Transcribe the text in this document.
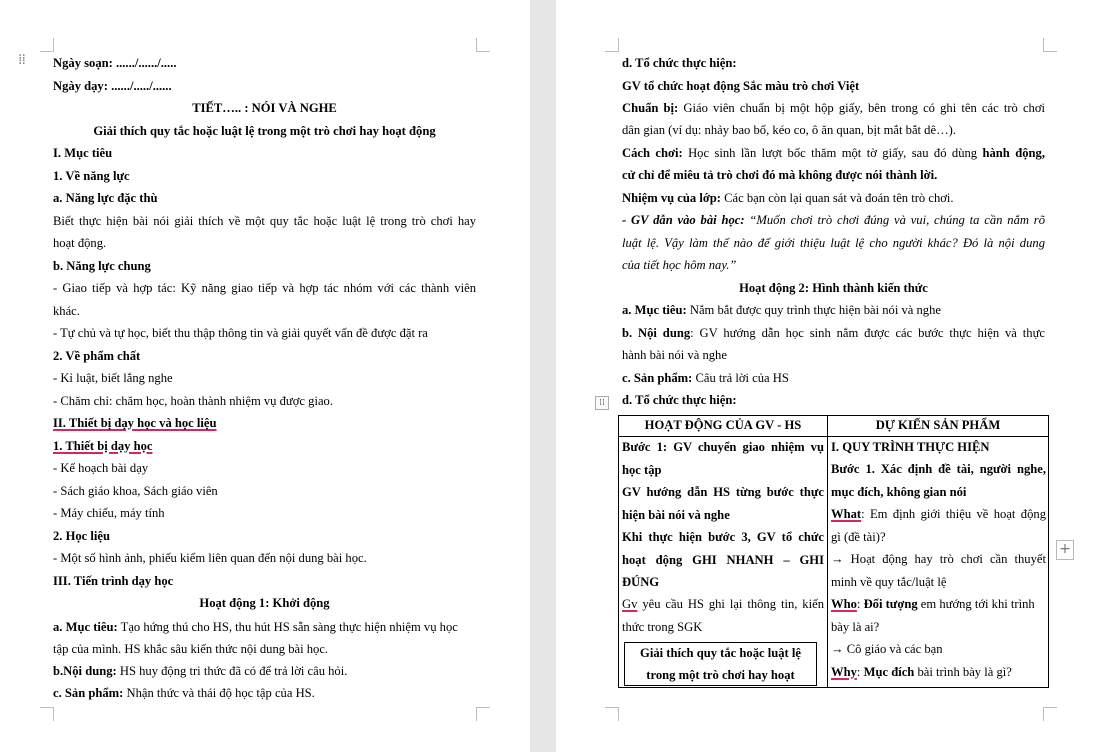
⁞⁞	Ngày soạn: ....../....../.....
Ngày dạy: ....../...../......
TIẾT….. : NÓI VÀ NGHE
Giải thích quy tắc hoặc luật lệ trong một trò chơi hay hoạt động
I. Mục tiêu
1. Về năng lực
a. Năng lực đặc thù
Biết thực hiện bài nói giải thích về một quy tắc hoặc luật lệ trong trò chơi hay
hoạt động.
b. Năng lực chung
- Giao tiếp và hợp tác: Kỹ năng giao tiếp và hợp tác nhóm với các thành viên
khác.
- Tự chủ và tự học, biết thu thập thông tin và giải quyết vấn đề được đặt ra
2. Về phẩm chất
- Kỉ luật, biết lắng nghe
- Chăm chỉ: chăm học, hoàn thành nhiệm vụ được giao.
II. Thiết bị dạy học và học liệu
1. Thiết bị dạy học
- Kế hoạch bài dạy
- Sách giáo khoa, Sách giáo viên
- Máy chiếu, máy tính
2. Học liệu
- Một số hình ảnh, phiếu kiểm liên quan đến nội dung bài học.
III. Tiến trình dạy học
Hoạt động 1: Khởi động
a. Mục tiêu: Tạo hứng thú cho HS, thu hút HS sẵn sàng thực hiện nhiệm vụ học
tập của mình. HS khắc sâu kiến thức nội dung bài học.
b.Nội dung: HS huy động tri thức đã có để trả lời câu hỏi.
c. Sản phẩm: Nhận thức và thái độ học tập của HS.
d. Tổ chức thực hiện:
GV tổ chức hoạt động Sắc màu trò chơi Việt
Chuẩn bị: Giáo viên chuẩn bị một hộp giấy, bên trong có ghi tên các trò chơi
dân gian (ví dụ: nhảy bao bố, kéo co, ô ăn quan, bịt mắt bắt dê…).
Cách chơi: Học sinh lần lượt bốc thăm một tờ giấy, sau đó dùng hành động,
cử chỉ để miêu tả trò chơi đó mà không được nói thành lời.
Nhiệm vụ của lớp: Các bạn còn lại quan sát và đoán tên trò chơi.
- GV dẫn vào bài học: “Muốn chơi trò chơi đúng và vui, chúng ta cần nắm rõ
luật lệ. Vậy làm thế nào để giới thiệu luật lệ cho người khác? Đó là nội dung
của tiết học hôm nay.”
Hoạt động 2: Hình thành kiến thức
a. Mục tiêu: Nắm bắt được quy trình thực hiện bài nói và nghe
b. Nội dung: GV hướng dẫn học sinh nắm được các bước thực hiện và thực
hành bài nói và nghe
c. Sản phẩm: Câu trả lời của HS
d. Tổ chức thực hiện:
⁞⁞
HOẠT ĐỘNG CỦA GV - HS	DỰ KIẾN SẢN PHẨM
Bước 1: GV chuyển giao nhiệm vụ
học tập
GV hướng dẫn HS từng bước thực
hiện bài nói và nghe
Khi thực hiện bước 3, GV tổ chức
hoạt động GHI NHANH – GHI
ĐÚNG
Gv yêu cầu HS ghi lại thông tin, kiến
thức trong SGK
Giải thích quy tắc hoặc luật lệ
trong một trò chơi hay hoạt
I. QUY TRÌNH THỰC HIỆN
Bước 1. Xác định đề tài, người nghe,
mục đích, không gian nói
What: Em định giới thiệu về hoạt động
gì (đề tài)?
→ Hoạt động hay trò chơi cần thuyết
minh về quy tắc/luật lệ
Who: Đối tượng em hướng tới khi trình
bày là ai?
→ Cô giáo và các bạn
Why: Mục đích bài trình bày là gì?
+
